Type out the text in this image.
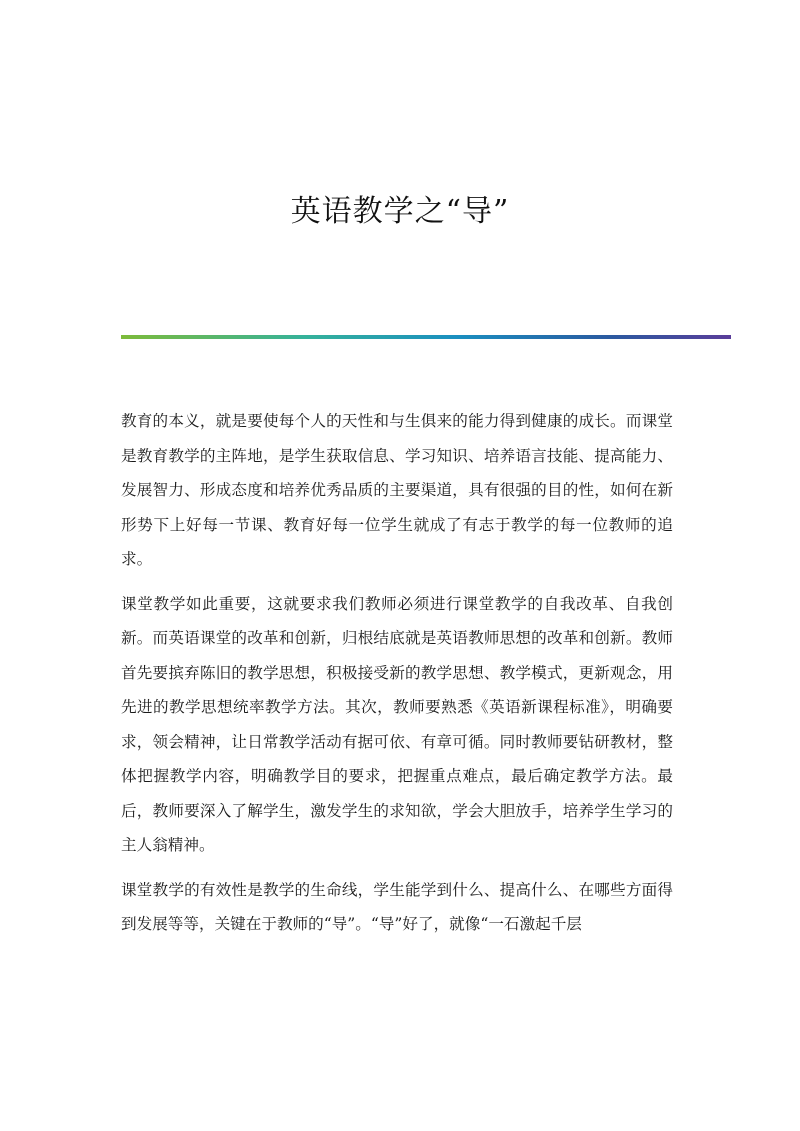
英语教学之“导”

教育的本义，就是要使每个人的天性和与生俱来的能力得到健康的成长。而课堂是教育教学的主阵地，是学生获取信息、学习知识、培养语言技能、提高能力、发展智力、形成态度和培养优秀品质的主要渠道，具有很强的目的性，如何在新形势下上好每一节课、教育好每一位学生就成了有志于教学的每一位教师的追求。

课堂教学如此重要，这就要求我们教师必须进行课堂教学的自我改革、自我创新。而英语课堂的改革和创新，归根结底就是英语教师思想的改革和创新。教师首先要摈弃陈旧的教学思想，积极接受新的教学思想、教学模式，更新观念，用先进的教学思想统率教学方法。其次，教师要熟悉《英语新课程标准》，明确要求，领会精神，让日常教学活动有据可依、有章可循。同时教师要钻研教材，整体把握教学内容，明确教学目的要求，把握重点难点，最后确定教学方法。最后，教师要深入了解学生，激发学生的求知欲，学会大胆放手，培养学生学习的主人翁精神。

课堂教学的有效性是教学的生命线，学生能学到什么、提高什么、在哪些方面得到发展等等，关键在于教师的“导”。“导”好了，就像“一石激起千层
